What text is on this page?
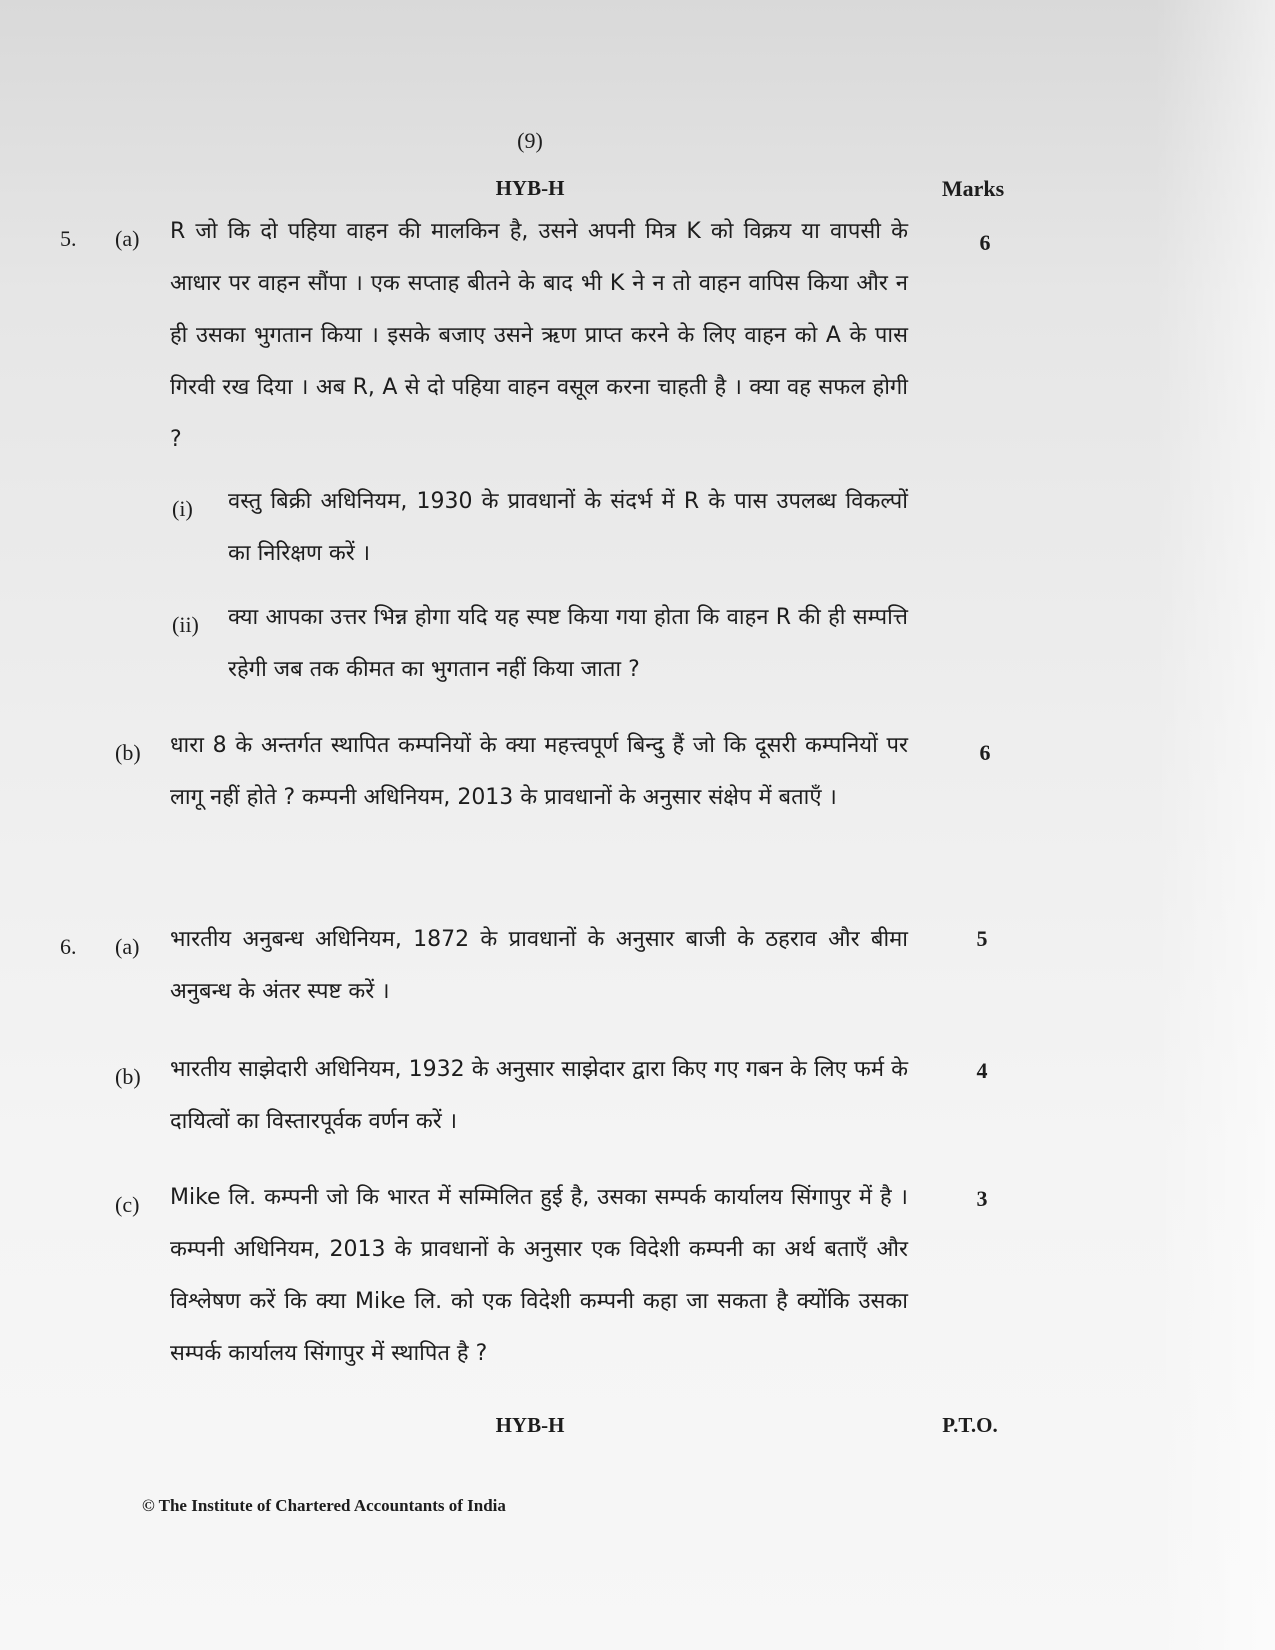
(9)
HYB-H	Marks
5. (a) R जो कि दो पहिया वाहन की मालकिन है, उसने अपनी मित्र K को विक्रय या वापसी के आधार पर वाहन सौंपा । एक सप्ताह बीतने के बाद भी K ने न तो वाहन वापिस किया और न ही उसका भुगतान किया । इसके बजाए उसने ऋण प्राप्त करने के लिए वाहन को A के पास गिरवी रख दिया । अब R, A से दो पहिया वाहन वसूल करना चाहती है । क्या वह सफल होगी ?
6
(i) वस्तु बिक्री अधिनियम, 1930 के प्रावधानों के संदर्भ में R के पास उपलब्ध विकल्पों का निरिक्षण करें ।
(ii) क्या आपका उत्तर भिन्न होगा यदि यह स्पष्ट किया गया होता कि वाहन R की ही सम्पत्ति रहेगी जब तक कीमत का भुगतान नहीं किया जाता ?
(b) धारा 8 के अन्तर्गत स्थापित कम्पनियों के क्या महत्त्वपूर्ण बिन्दु हैं जो कि दूसरी कम्पनियों पर लागू नहीं होते ? कम्पनी अधिनियम, 2013 के प्रावधानों के अनुसार संक्षेप में बताएँ ।
6
6. (a) भारतीय अनुबन्ध अधिनियम, 1872 के प्रावधानों के अनुसार बाजी के ठहराव और बीमा अनुबन्ध के अंतर स्पष्ट करें ।
5
(b) भारतीय साझेदारी अधिनियम, 1932 के अनुसार साझेदार द्वारा किए गए गबन के लिए फर्म के दायित्वों का विस्तारपूर्वक वर्णन करें ।
4
(c) Mike लि. कम्पनी जो कि भारत में सम्मिलित हुई है, उसका सम्पर्क कार्यालय सिंगापुर में है । कम्पनी अधिनियम, 2013 के प्रावधानों के अनुसार एक विदेशी कम्पनी का अर्थ बताएँ और विश्लेषण करें कि क्या Mike लि. को एक विदेशी कम्पनी कहा जा सकता है क्योंकि उसका सम्पर्क कार्यालय सिंगापुर में स्थापित है ?
3
HYB-H	P.T.O.
© The Institute of Chartered Accountants of India
